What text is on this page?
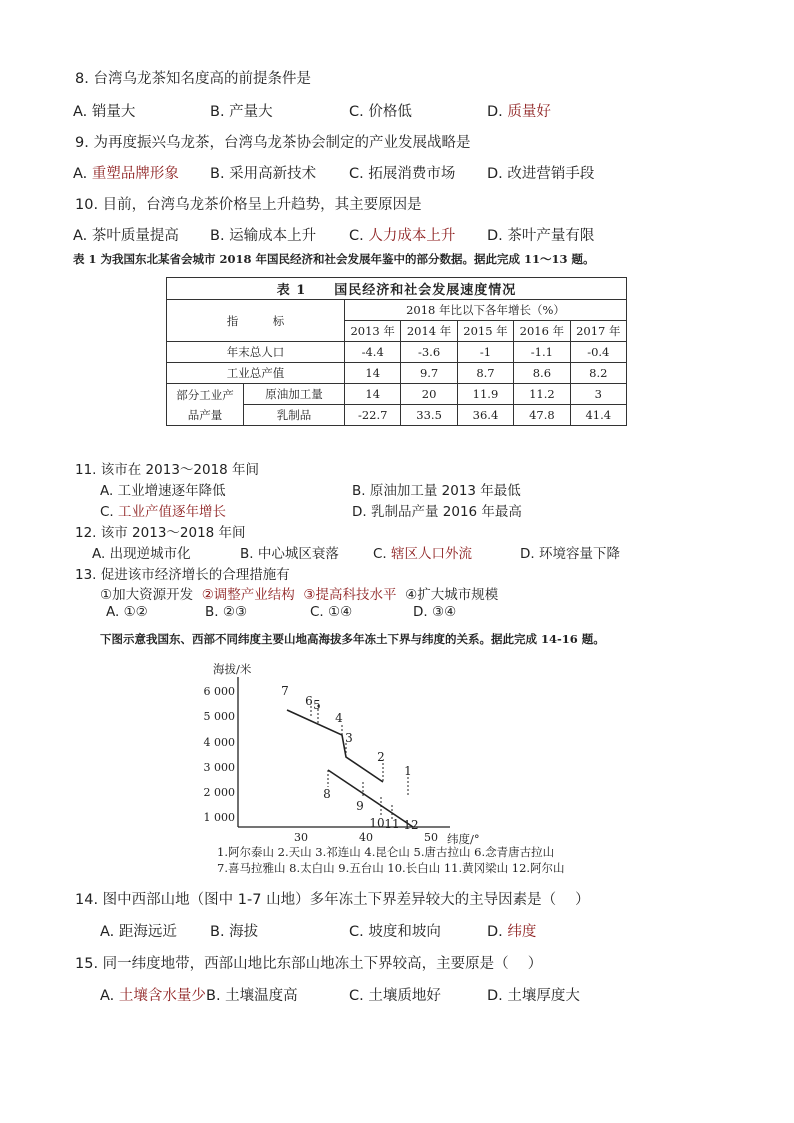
8. 台湾乌龙茶知名度高的前提条件是
A. 销量大	B. 产量大	C. 价格低	D. 质量好
9. 为再度振兴乌龙茶，台湾乌龙茶协会制定的产业发展战略是
A. 重塑品牌形象 B. 采用高新技术 C. 拓展消费市场 D. 改进营销手段
10. 目前，台湾乌龙茶价格呈上升趋势，其主要原因是
A. 茶叶质量提高 B. 运输成本上升 C. 人力成本上升 D. 茶叶产量有限
表 1 为我国东北某省会城市 2018 年国民经济和社会发展年鉴中的部分数据。据此完成 11～13 题。
表 1　　国民经济和社会发展速度情况						
指　　　标		2018 年比以下各年增长（%）				
		2013 年	2014 年	2015 年	2016 年	2017 年
年末总人口		-4.4	-3.6	-1	-1.1	-0.4
工业总产值		14	9.7	8.7	8.6	8.2
部分工业产
品产量	原油加工量	14	20	11.9	11.2	3
	乳制品	-22.7	33.5	36.4	47.8	41.4
11. 该市在 2013～2018 年间
A. 工业增速逐年降低	B. 原油加工量 2013 年最低
C. 工业产值逐年增长	D. 乳制品产量 2016 年最高
12. 该市 2013～2018 年间
A. 出现逆城市化	B. 中心城区衰落	C. 辖区人口外流	D. 环境容量下降
13. 促进该市经济增长的合理措施有
①加大资源开发 ②调整产业结构 ③提高科技水平 ④扩大城市规模
A. ①②	B. ②③	C. ①④	D. ③④
下图示意我国东、西部不同纬度主要山地高海拔多年冻土下界与纬度的关系。据此完成 14-16 题。
海拔/米
纬度/°
6 000
5 000
4 000
3 000
2 000
1 000
30	40	50
7
6 5
4
3
2
1
8
9
10 11 12
1.阿尔泰山 2.天山 3.祁连山 4.昆仑山 5.唐古拉山 6.念青唐古拉山
7.喜马拉雅山 8.太白山 9.五台山 10.长白山 11.黄冈梁山 12.阿尔山
14. 图中西部山地（图中 1-7 山地）多年冻土下界差异较大的主导因素是（　 ）
A. 距海远近 B. 海拔	C. 坡度和坡向	D. 纬度
15. 同一纬度地带，西部山地比东部山地冻土下界较高，主要原是（　 ）
A. 土壤含水量少 B. 土壤温度高	C. 土壤质地好	D. 土壤厚度大
